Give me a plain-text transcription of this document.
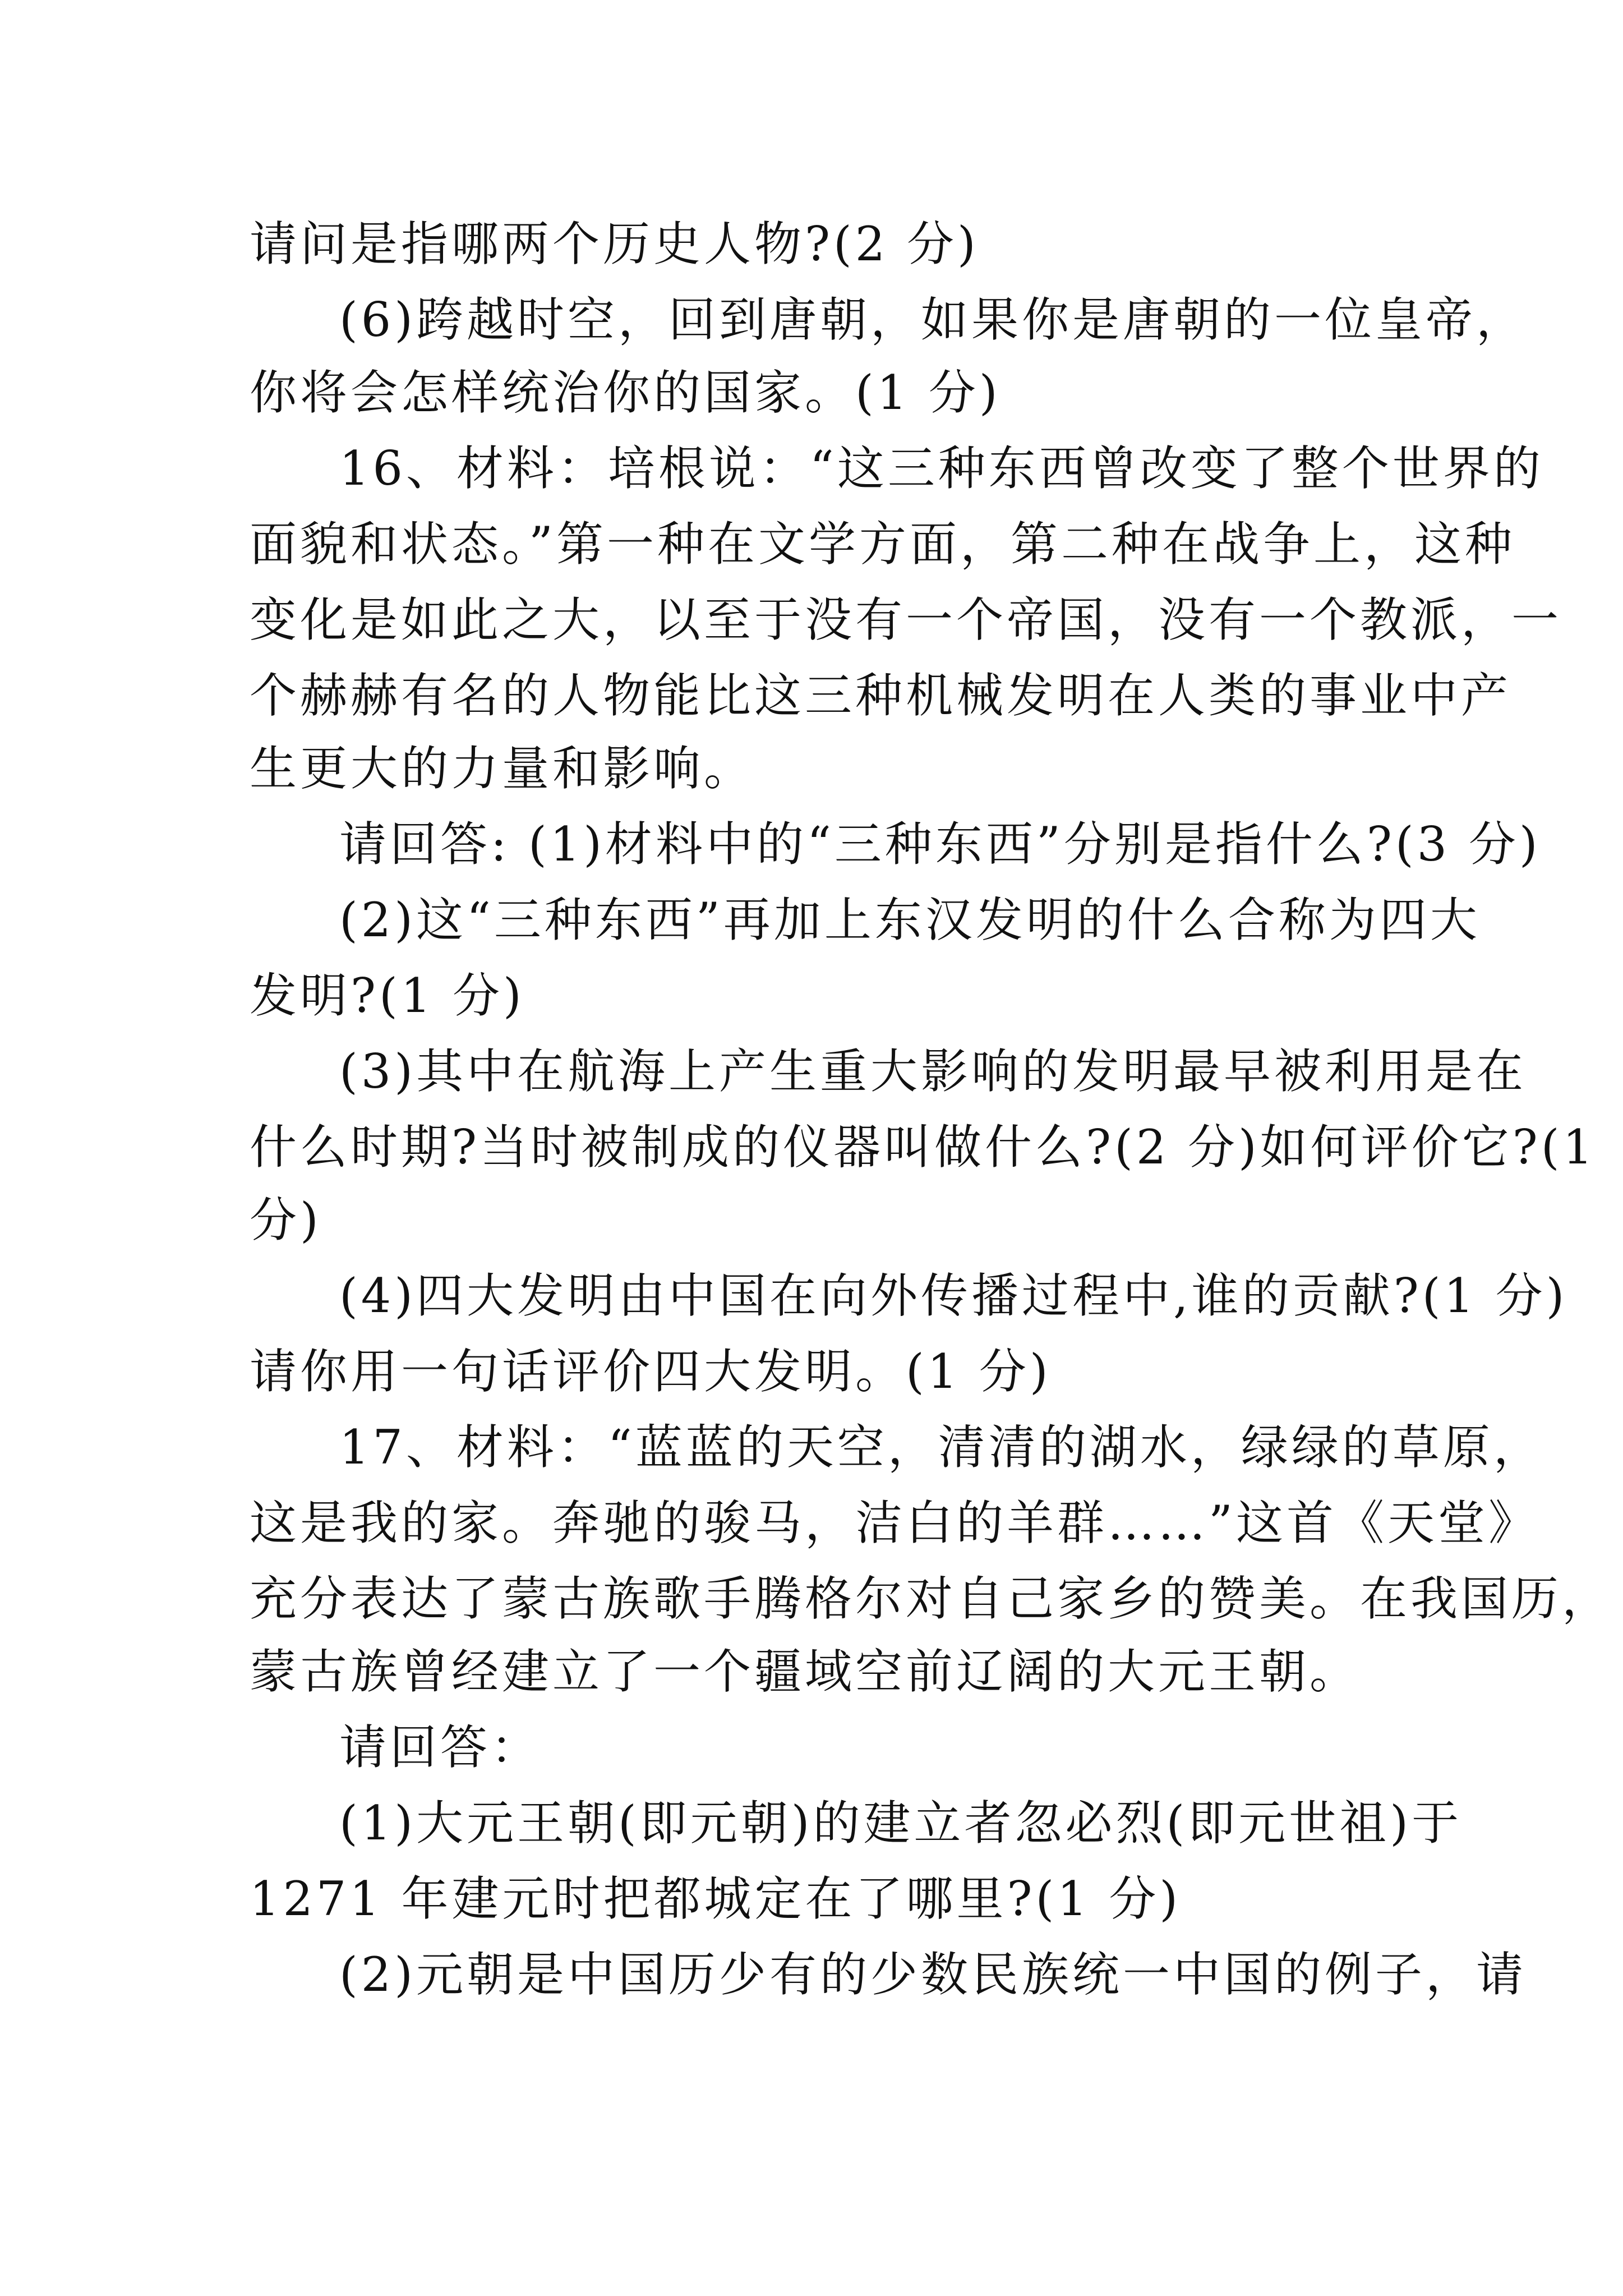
请问是指哪两个历史人物?(2 分)
(6)跨越时空，回到唐朝，如果你是唐朝的一位皇帝，
你将会怎样统治你的国家。(1 分)
16、材料：培根说：“这三种东西曾改变了整个世界的
面貌和状态。”第一种在文学方面，第二种在战争上，这种
变化是如此之大，以至于没有一个帝国，没有一个教派，一
个赫赫有名的人物能比这三种机械发明在人类的事业中产
生更大的力量和影响。
请回答: (1)材料中的“三种东西”分别是指什么?(3 分)
(2)这“三种东西”再加上东汉发明的什么合称为四大
发明?(1 分)
(3)其中在航海上产生重大影响的发明最早被利用是在
什么时期?当时被制成的仪器叫做什么?(2 分)如何评价它?(1
分)
(4)四大发明由中国在向外传播过程中,谁的贡献?(1 分)
请你用一句话评价四大发明。(1 分)
17、材料：“蓝蓝的天空，清清的湖水，绿绿的草原，
这是我的家。奔驰的骏马，洁白的羊群……”这首《天堂》
充分表达了蒙古族歌手腾格尔对自己家乡的赞美。在我国历，
蒙古族曾经建立了一个疆域空前辽阔的大元王朝。
请回答：
(1)大元王朝(即元朝)的建立者忽必烈(即元世祖)于
1271 年建元时把都城定在了哪里?(1 分)
(2)元朝是中国历少有的少数民族统一中国的例子，请
